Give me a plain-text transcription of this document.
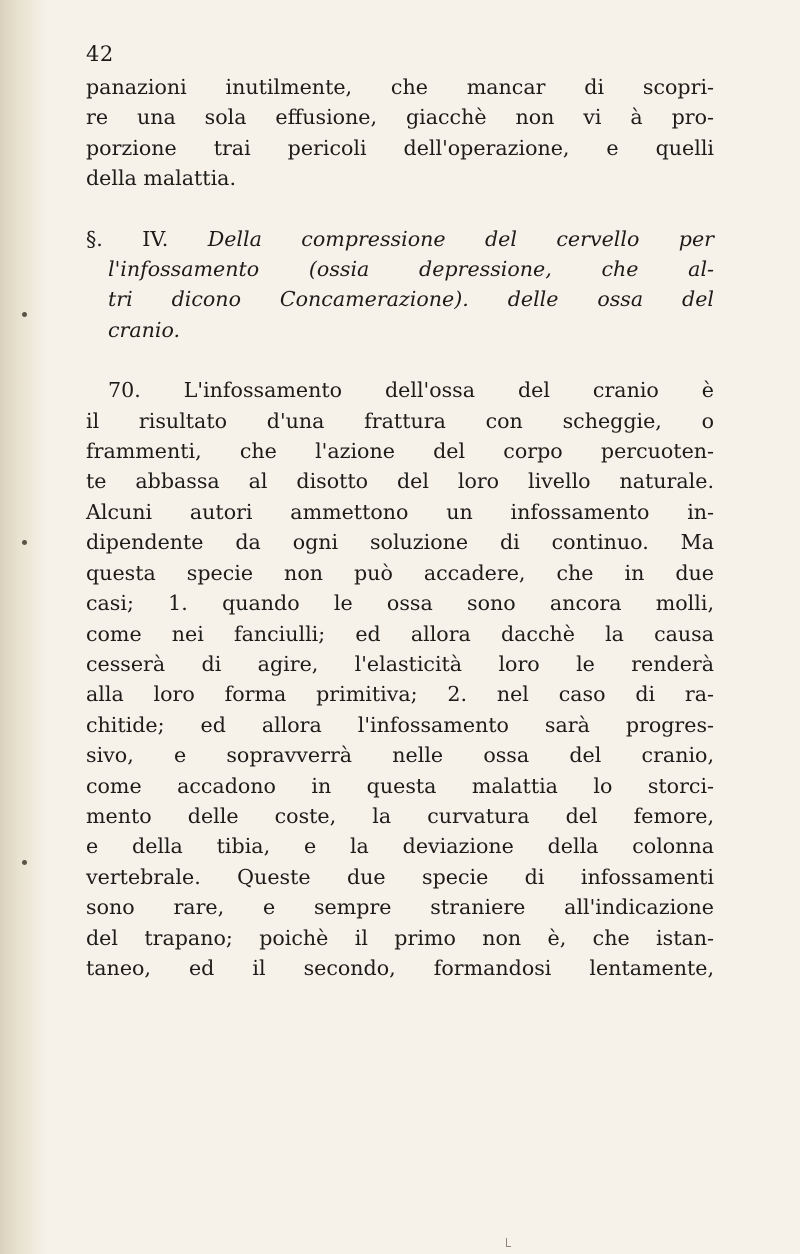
42

panazioni inutilmente, che mancar di scopri-

re una sola effusione, giacchè non vi à pro-

porzione trai pericoli dell'operazione, e quelli

della malattia.

§. IV. Della compressione del cervello per

l'infossamento (ossia depressione, che al-

tri dicono Concamerazione). delle ossa del

cranio.

70. L'infossamento dell'ossa del cranio è

il risultato d'una frattura con scheggie, o

frammenti, che l'azione del corpo percuoten-

te abbassa al disotto del loro livello naturale.

Alcuni autori ammettono un infossamento in-

dipendente da ogni soluzione di continuo. Ma

questa specie non può accadere, che in due

casi; 1. quando le ossa sono ancora molli,

come nei fanciulli; ed allora dacchè la causa

cesserà di agire, l'elasticità loro le renderà

alla loro forma primitiva; 2. nel caso di ra-

chitide; ed allora l'infossamento sarà progres-

sivo, e sopravverrà nelle ossa del cranio,

come accadono in questa malattia lo storci-

mento delle coste, la curvatura del femore,

e della tibia, e la deviazione della colonna

vertebrale. Queste due specie di infossamenti

sono rare, e sempre straniere all'indicazione

del trapano; poichè il primo non è, che istan-

taneo, ed il secondo, formandosi lentamente,
